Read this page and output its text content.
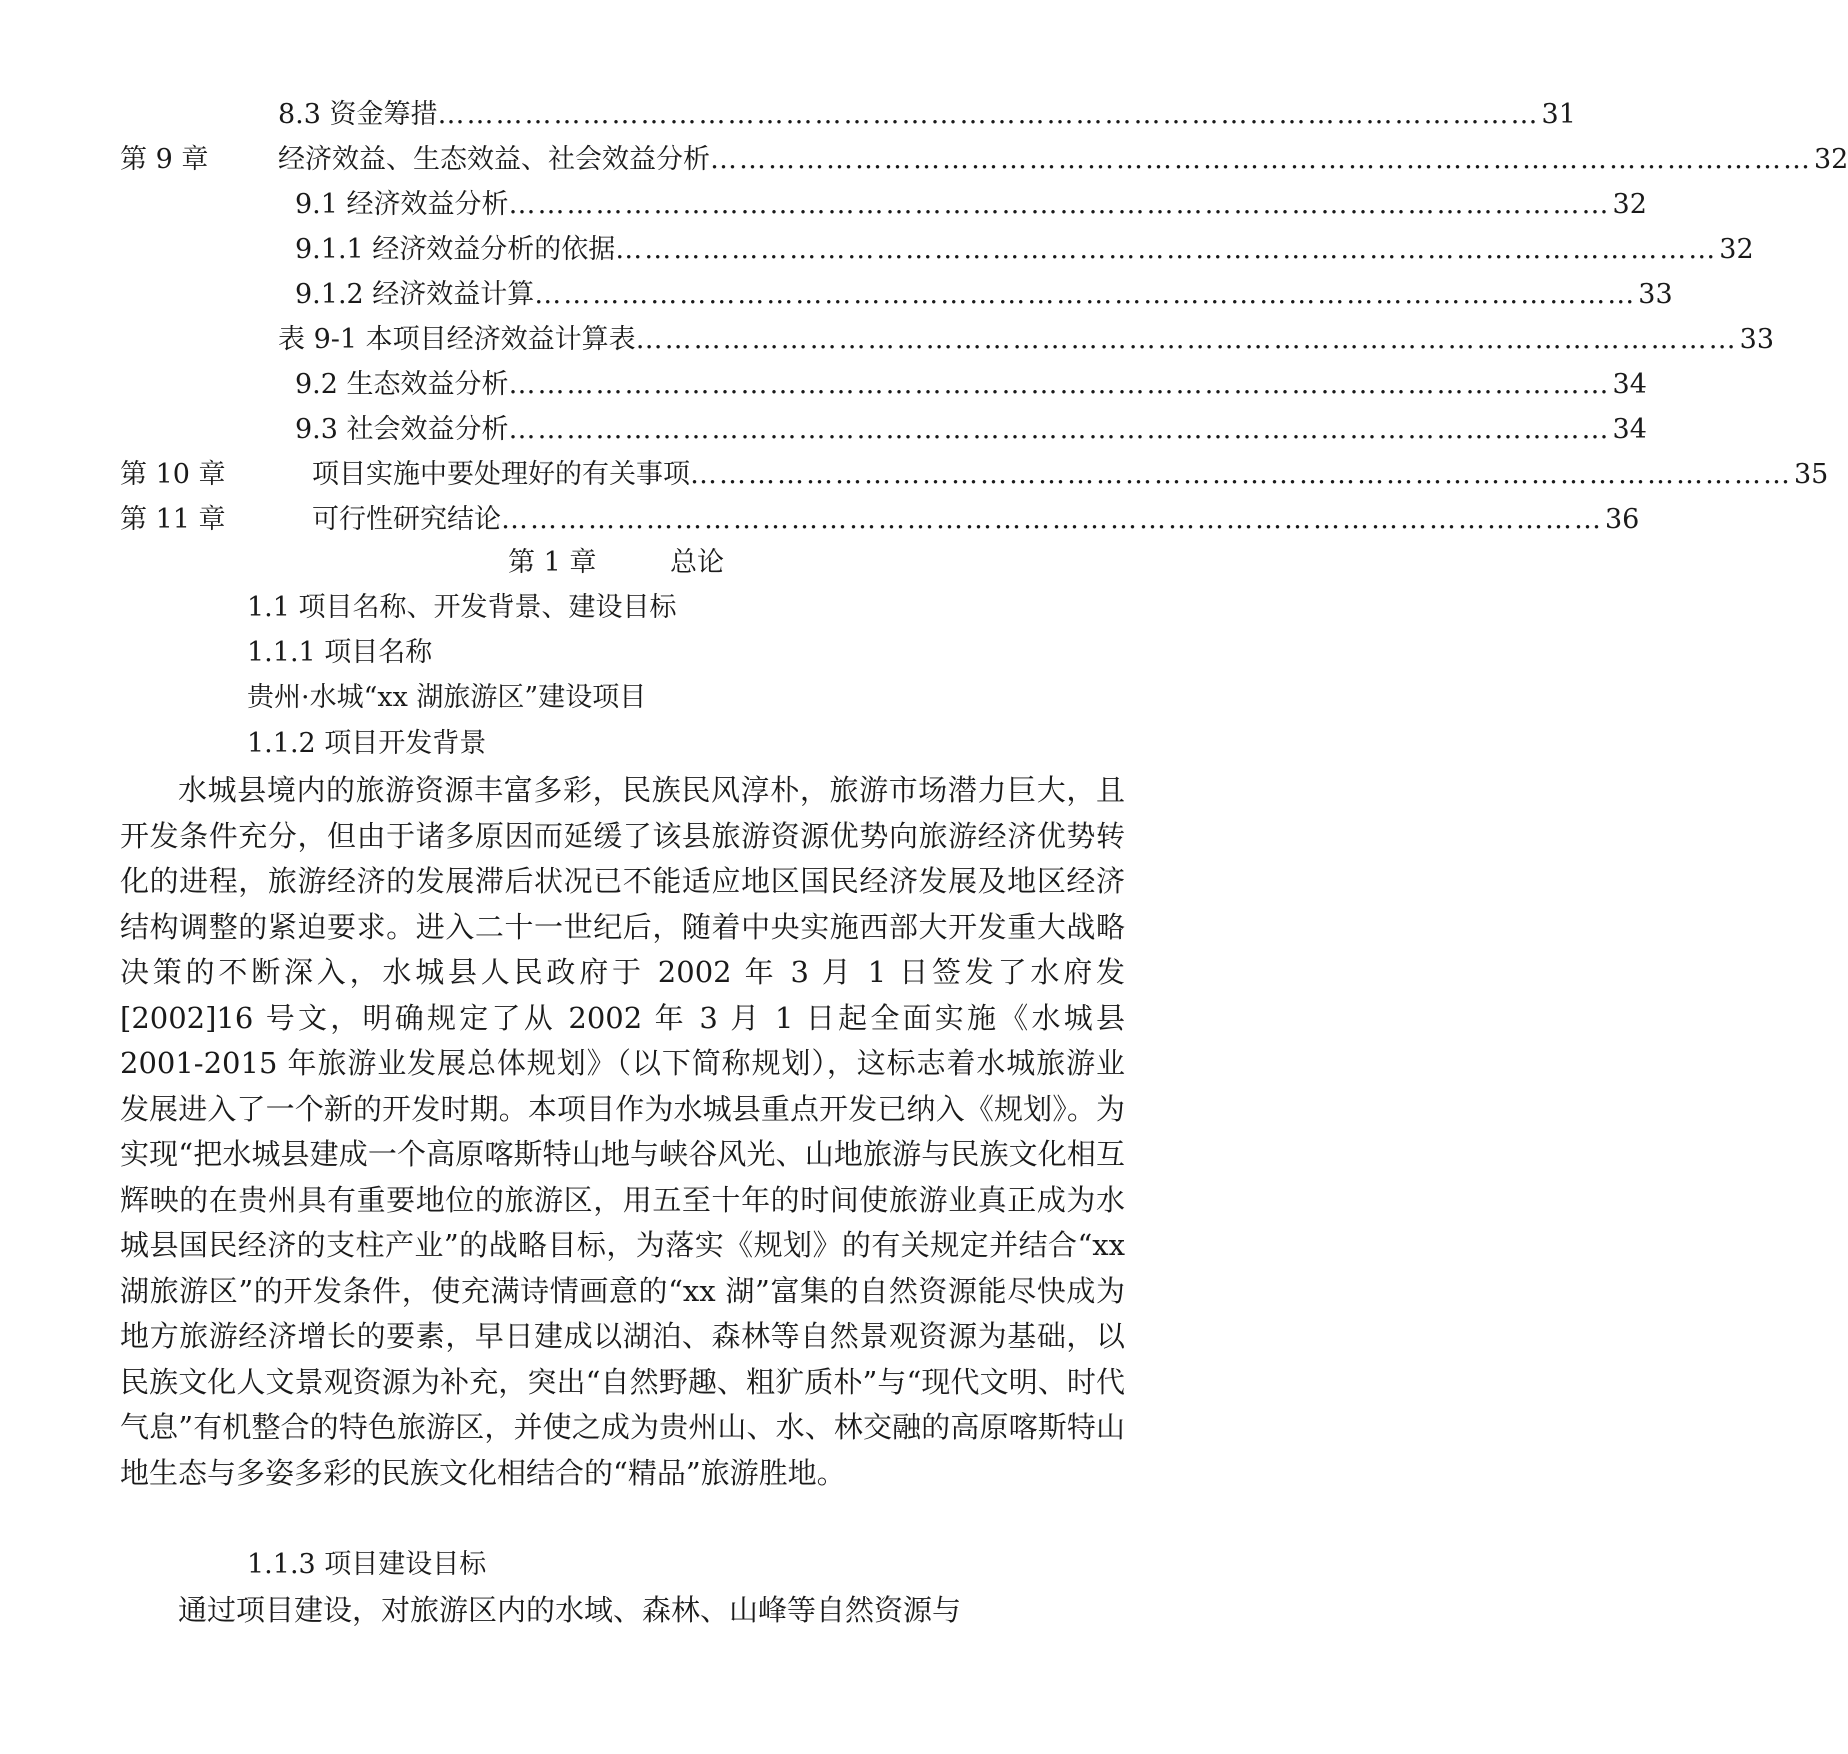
8.3 资金筹措 …………………………………………………………………………………………………… 31
第 9 章	经济效益、生态效益、社会效益分析 …………………………………………………………………………………………………… 32
9.1 经济效益分析 …………………………………………………………………………………………………… 32
9.1.1 经济效益分析的依据 …………………………………………………………………………………………………… 32
9.1.2 经济效益计算 …………………………………………………………………………………………………… 33
表 9-1 本项目经济效益计算表 …………………………………………………………………………………………………… 33
9.2 生态效益分析 …………………………………………………………………………………………………… 34
9.3 社会效益分析 …………………………………………………………………………………………………… 34
第 10 章	项目实施中要处理好的有关事项 …………………………………………………………………………………………………… 35
第 11 章	可行性研究结论 …………………………………………………………………………………………………… 36
第 1 章	总论
1.1 项目名称、开发背景、建设目标
1.1.1 项目名称
贵州·水城“xx 湖旅游区”建设项目
1.1.2 项目开发背景

水城县境内的旅游资源丰富多彩，民族民风淳朴，旅游市场潜力巨大，且开发条件充分，但由于诸多原因而延缓了该县旅游资源优势向旅游经济优势转化的进程，旅游经济的发展滞后状况已不能适应地区国民经济发展及地区经济结构调整的紧迫要求。进入二十一世纪后，随着中央实施西部大开发重大战略决策的不断深入，水城县人民政府于 2002 年 3 月 1 日签发了水府发[2002]16 号文，明确规定了从 2002 年 3 月 1 日起全面实施《水城县 2001-2015 年旅游业发展总体规划》（以下简称规划），这标志着水城旅游业发展进入了一个新的开发时期。本项目作为水城县重点开发已纳入《规划》。为实现“把水城县建成一个高原喀斯特山地与峡谷风光、山地旅游与民族文化相互辉映的在贵州具有重要地位的旅游区，用五至十年的时间使旅游业真正成为水城县国民经济的支柱产业”的战略目标，为落实《规划》的有关规定并结合“xx 湖旅游区”的开发条件，使充满诗情画意的“xx 湖”富集的自然资源能尽快成为地方旅游经济增长的要素，早日建成以湖泊、森林等自然景观资源为基础，以民族文化人文景观资源为补充，突出“自然野趣、粗犷质朴”与“现代文明、时代气息”有机整合的特色旅游区，并使之成为贵州山、水、林交融的高原喀斯特山地生态与多姿多彩的民族文化相结合的“精品”旅游胜地。

1.1.3 项目建设目标

通过项目建设，对旅游区内的水域、森林、山峰等自然资源与
